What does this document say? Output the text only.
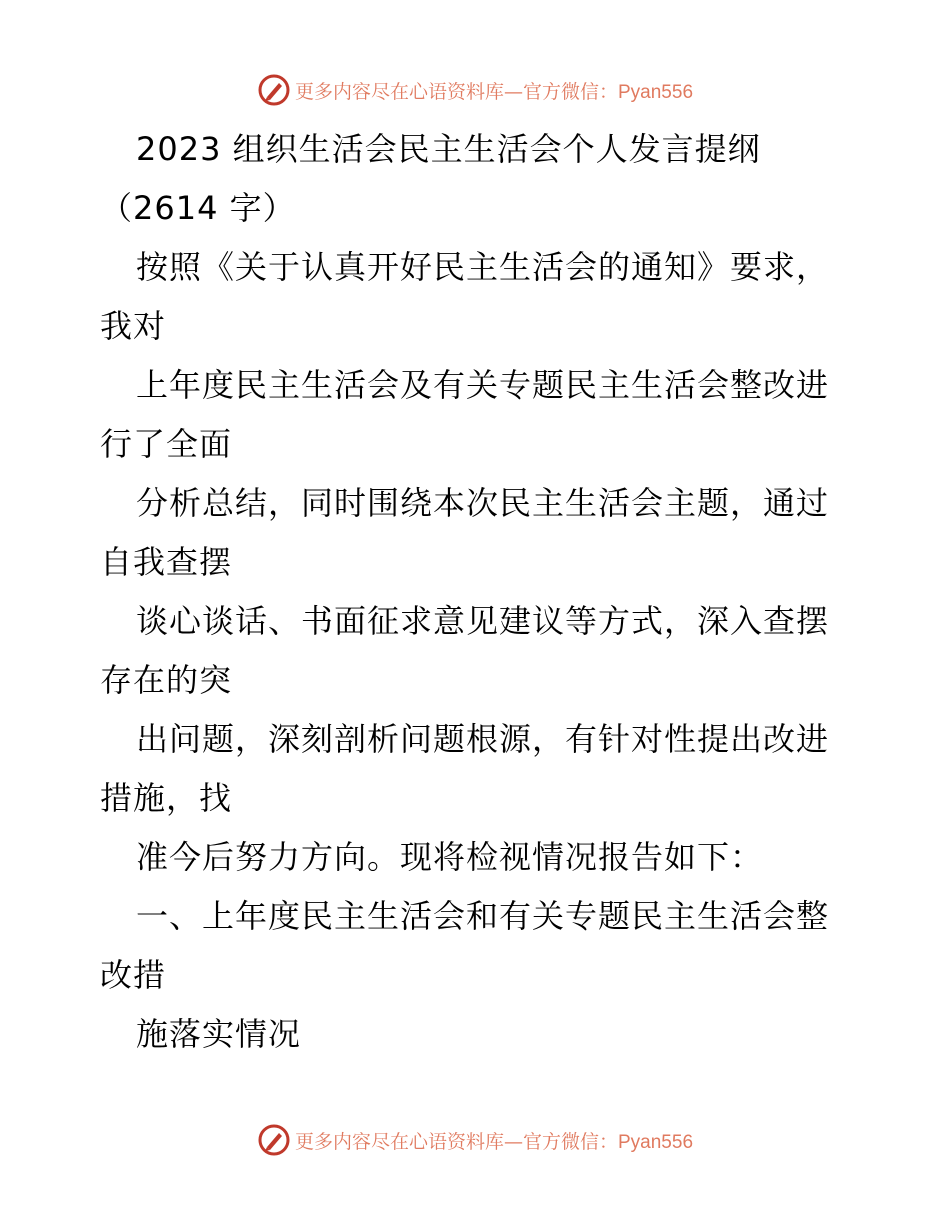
更多内容尽在心语资料库—官方微信：Pyan556
2023 组织生活会民主生活会个人发言提纲
（2614 字）
按照《关于认真开好民主生活会的通知》要求，
我对
上年度民主生活会及有关专题民主生活会整改进
行了全面
分析总结，同时围绕本次民主生活会主题，通过
自我查摆
谈心谈话、书面征求意见建议等方式，深入查摆
存在的突
出问题，深刻剖析问题根源，有针对性提出改进
措施，找
准今后努力方向。现将检视情况报告如下：
一、上年度民主生活会和有关专题民主生活会整
改措
施落实情况
更多内容尽在心语资料库—官方微信：Pyan556
